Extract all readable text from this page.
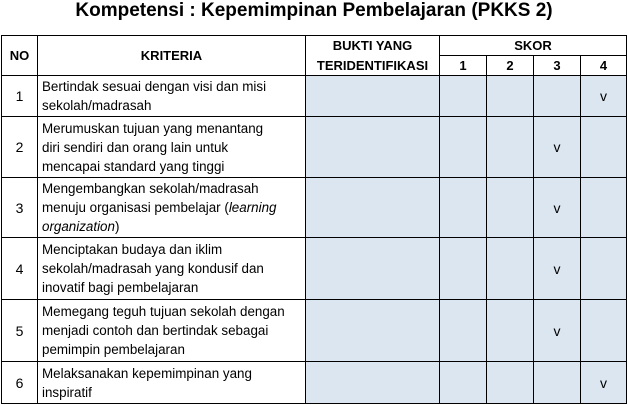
Kompetensi : Kepemimpinan Pembelajaran (PKKS 2)
NO	KRITERIA	BUKTI YANG	SKOR			
		TERIDENTIFIKASI	1	2	3	4
1	Bertindak sesuai dengan visi dan misi
sekolah/madrasah					v
2	Merumuskan tujuan yang menantang
diri sendiri dan orang lain untuk
mencapai standard yang tinggi				v	
3	Mengembangkan sekolah/madrasah
menuju organisasi pembelajar (learning
organization)				v	
4	Menciptakan budaya dan iklim
sekolah/madrasah yang kondusif dan
inovatif bagi pembelajaran				v	
5	Memegang teguh tujuan sekolah dengan
menjadi contoh dan bertindak sebagai
pemimpin pembelajaran				v	
6	Melaksanakan kepemimpinan yang
inspiratif					v
